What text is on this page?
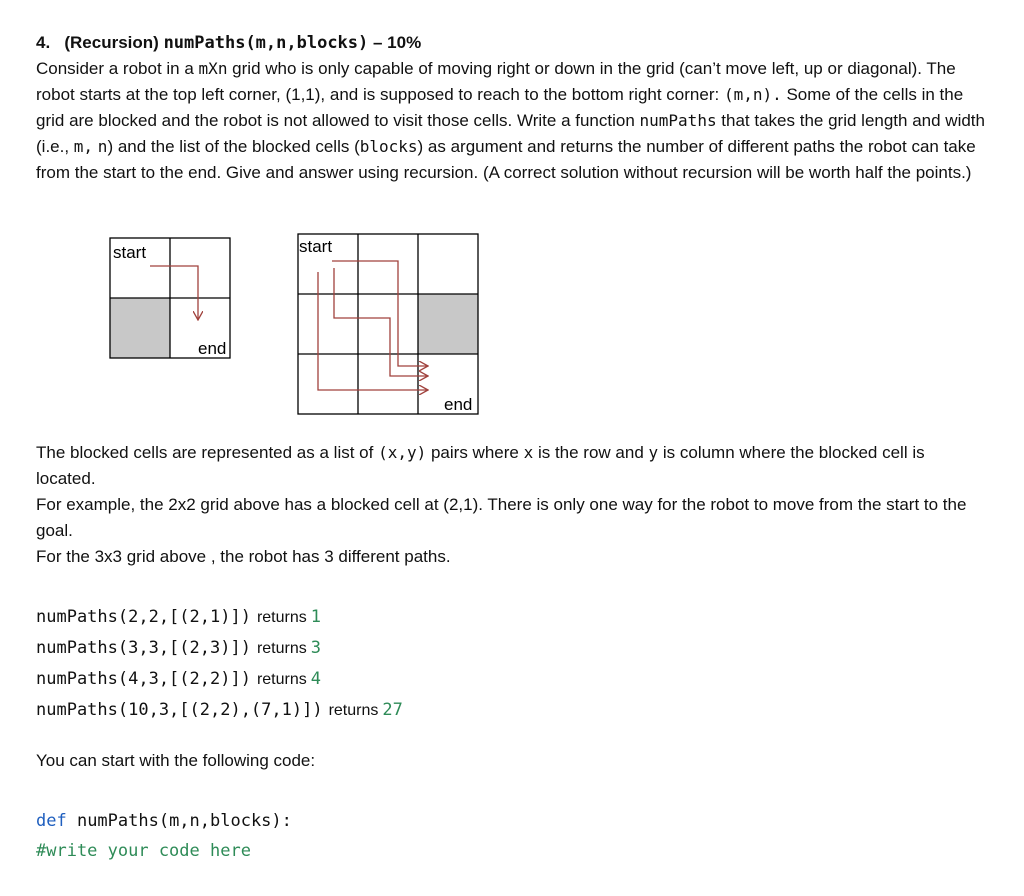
4. (Recursion) numPaths(m,n,blocks) – 10%

Consider a robot in a mXn grid who is only capable of moving right or down in the grid (can’t move left, up or diagonal). The robot starts at the top left corner, (1,1), and is supposed to reach to the bottom right corner: (m,n). Some of the cells in the grid are blocked and the robot is not allowed to visit those cells. Write a function numPaths that takes the grid length and width (i.e., m, n) and the list of the blocked cells (blocks) as argument and returns the number of different paths the robot can take from the start to the end. Give and answer using recursion. (A correct solution without recursion will be worth half the points.)

start
end
start
end

The blocked cells are represented as a list of (x,y) pairs where x is the row and y is column where the blocked cell is located.

For example, the 2x2 grid above has a blocked cell at (2,1). There is only one way for the robot to move from the start to the goal.

For the 3x3 grid above , the robot has 3 different paths.

numPaths(2,2,[(2,1)]) returns 1
numPaths(3,3,[(2,3)]) returns 3
numPaths(4,3,[(2,2)]) returns 4
numPaths(10,3,[(2,2),(7,1)]) returns 27
You can start with the following code:
def numPaths(m,n,blocks):
#write your code here
